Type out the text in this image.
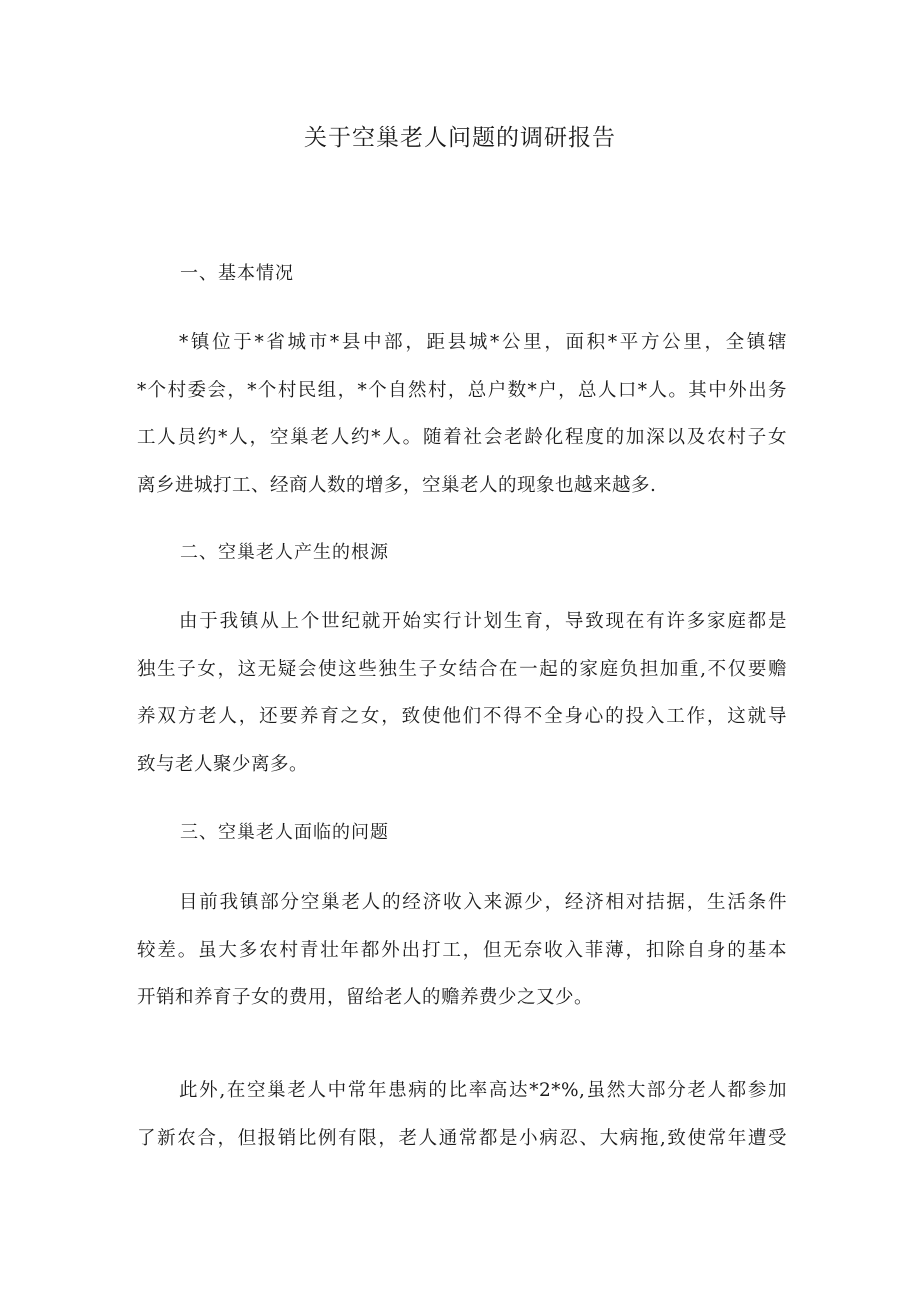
关于空巢老人问题的调研报告
一、基本情况
*镇位于*省城市*县中部，距县城*公里，面积*平方公里，全镇辖
*个村委会，*个村民组，*个自然村，总户数*户，总人口*人。其中外出务
工人员约*人，空巢老人约*人。随着社会老龄化程度的加深以及农村子女
离乡进城打工、经商人数的增多，空巢老人的现象也越来越多.
二、空巢老人产生的根源
由于我镇从上个世纪就开始实行计划生育，导致现在有许多家庭都是
独生子女，这无疑会使这些独生子女结合在一起的家庭负担加重,不仅要赡
养双方老人，还要养育之女，致使他们不得不全身心的投入工作，这就导
致与老人聚少离多。
三、空巢老人面临的问题
目前我镇部分空巢老人的经济收入来源少，经济相对拮据，生活条件
较差。虽大多农村青壮年都外出打工，但无奈收入菲薄，扣除自身的基本
开销和养育子女的费用，留给老人的赡养费少之又少。
此外,在空巢老人中常年患病的比率高达*2*%,虽然大部分老人都参加
了新农合，但报销比例有限，老人通常都是小病忍、大病拖,致使常年遭受
